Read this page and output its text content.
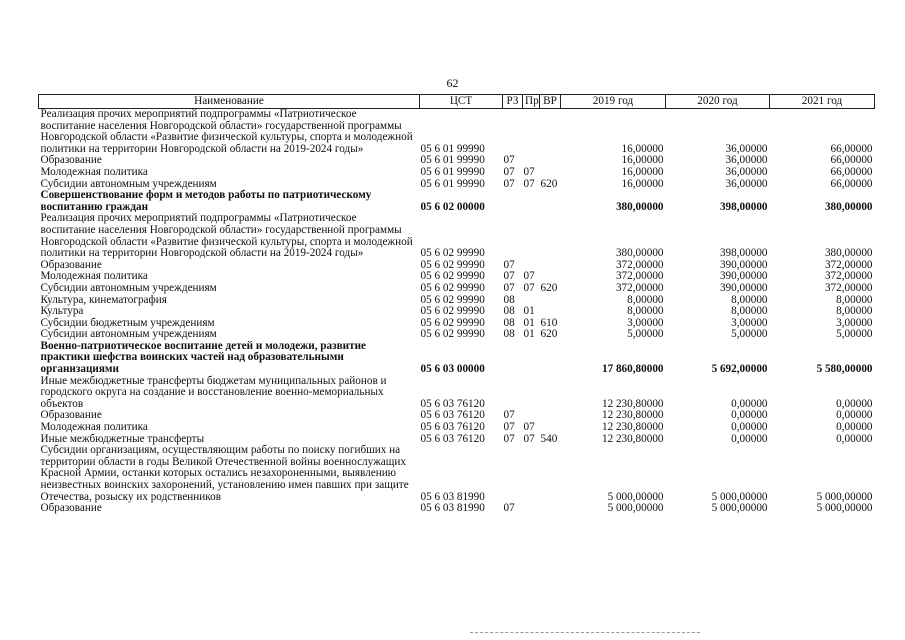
62
Наименование	ЦСТ	РЗ	Пр	ВР	2019 год	2020 год	2021 год
Реализация прочих мероприятий подпрограммы «Патриотическое воспитание населения Новгородской области» государственной программы Новгородской области «Развитие физической культуры, спорта и молодежной политики на территории Новгородской области на 2019-2024 годы»	05 6 01 99990				16,00000	36,00000	66,00000
Образование	05 6 01 99990	07			16,00000	36,00000	66,00000
Молодежная политика	05 6 01 99990	07	07		16,00000	36,00000	66,00000
Субсидии автономным учреждениям	05 6 01 99990	07	07	620	16,00000	36,00000	66,00000
Совершенствование форм и методов работы по патриотическому воспитанию граждан	05 6 02 00000				380,00000	398,00000	380,00000
Реализация прочих мероприятий подпрограммы «Патриотическое воспитание населения Новгородской области» государственной программы Новгородской области «Развитие физической культуры, спорта и молодежной политики на территории Новгородской области на 2019-2024 годы»	05 6 02 99990				380,00000	398,00000	380,00000
Образование	05 6 02 99990	07			372,00000	390,00000	372,00000
Молодежная политика	05 6 02 99990	07	07		372,00000	390,00000	372,00000
Субсидии автономным учреждениям	05 6 02 99990	07	07	620	372,00000	390,00000	372,00000
Культура, кинематография	05 6 02 99990	08			8,00000	8,00000	8,00000
Культура	05 6 02 99990	08	01		8,00000	8,00000	8,00000
Субсидии бюджетным учреждениям	05 6 02 99990	08	01	610	3,00000	3,00000	3,00000
Субсидии автономным учреждениям	05 6 02 99990	08	01	620	5,00000	5,00000	5,00000
Военно-патриотическое воспитание детей и молодежи, развитие практики шефства воинских частей над образовательными организациями	05 6 03 00000				17 860,80000	5 692,00000	5 580,00000
Иные межбюджетные трансферты бюджетам муниципальных районов и городского округа на создание и восстановление военно-мемориальных объектов	05 6 03 76120				12 230,80000	0,00000	0,00000
Образование	05 6 03 76120	07			12 230,80000	0,00000	0,00000
Молодежная политика	05 6 03 76120	07	07		12 230,80000	0,00000	0,00000
Иные межбюджетные трансферты	05 6 03 76120	07	07	540	12 230,80000	0,00000	0,00000
Субсидии организациям, осуществляющим работы по поиску погибших на территории области в годы Великой Отечественной войны военнослужащих Красной Армии, останки которых остались незахороненными, выявлению неизвестных воинских захоронений, установлению имен павших при защите Отечества, розыску их родственников	05 6 03 81990				5 000,00000	5 000,00000	5 000,00000
Образование	05 6 03 81990	07			5 000,00000	5 000,00000	5 000,00000
